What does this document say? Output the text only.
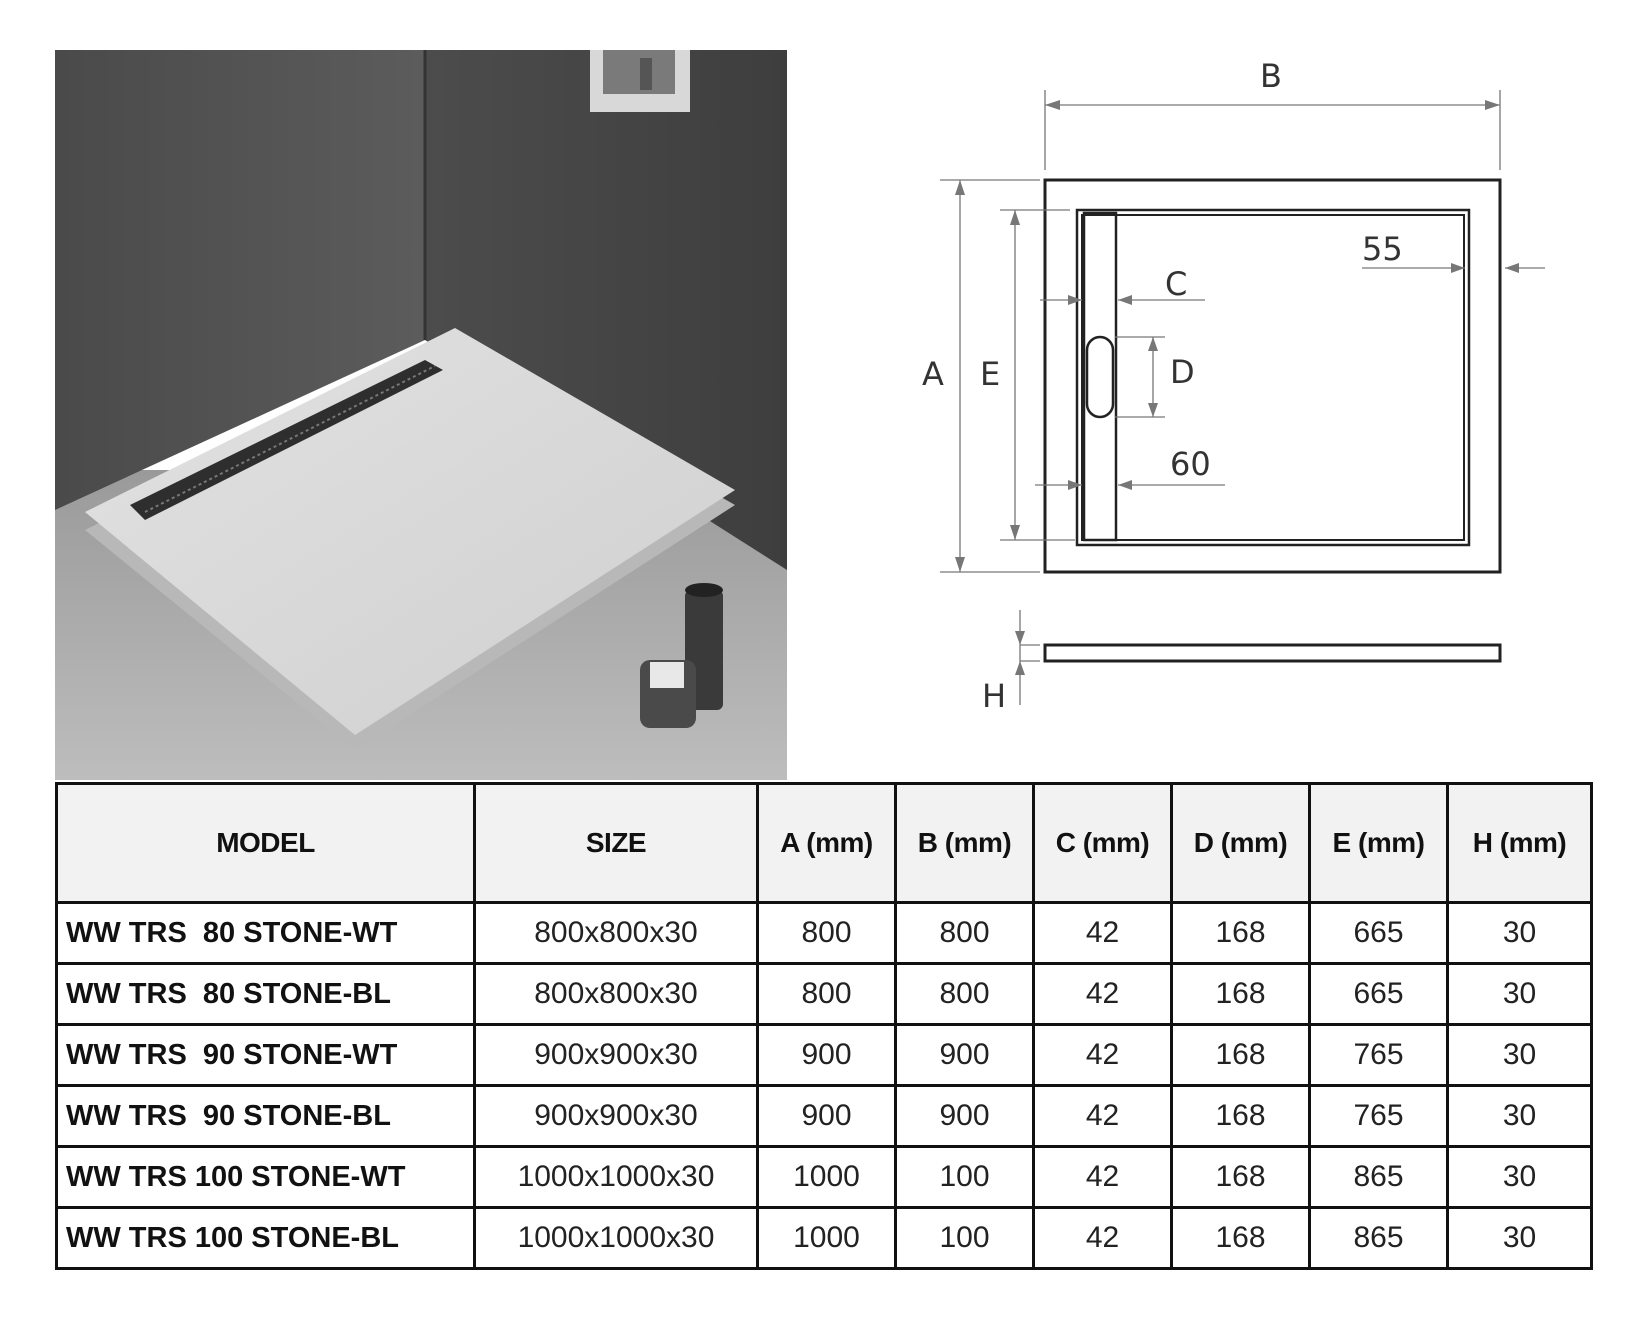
B
A E
C
D
60
55
H
MODEL	SIZE	A (mm)	B (mm)	C (mm)	D (mm)	E (mm)	H (mm)
WW TRS  80 STONE-WT	800x800x30	800	800	42	168	665	30
WW TRS  80 STONE-BL	800x800x30	800	800	42	168	665	30
WW TRS  90 STONE-WT	900x900x30	900	900	42	168	765	30
WW TRS  90 STONE-BL	900x900x30	900	900	42	168	765	30
WW TRS 100 STONE-WT	1000x1000x30	1000	100	42	168	865	30
WW TRS 100 STONE-BL	1000x1000x30	1000	100	42	168	865	30
